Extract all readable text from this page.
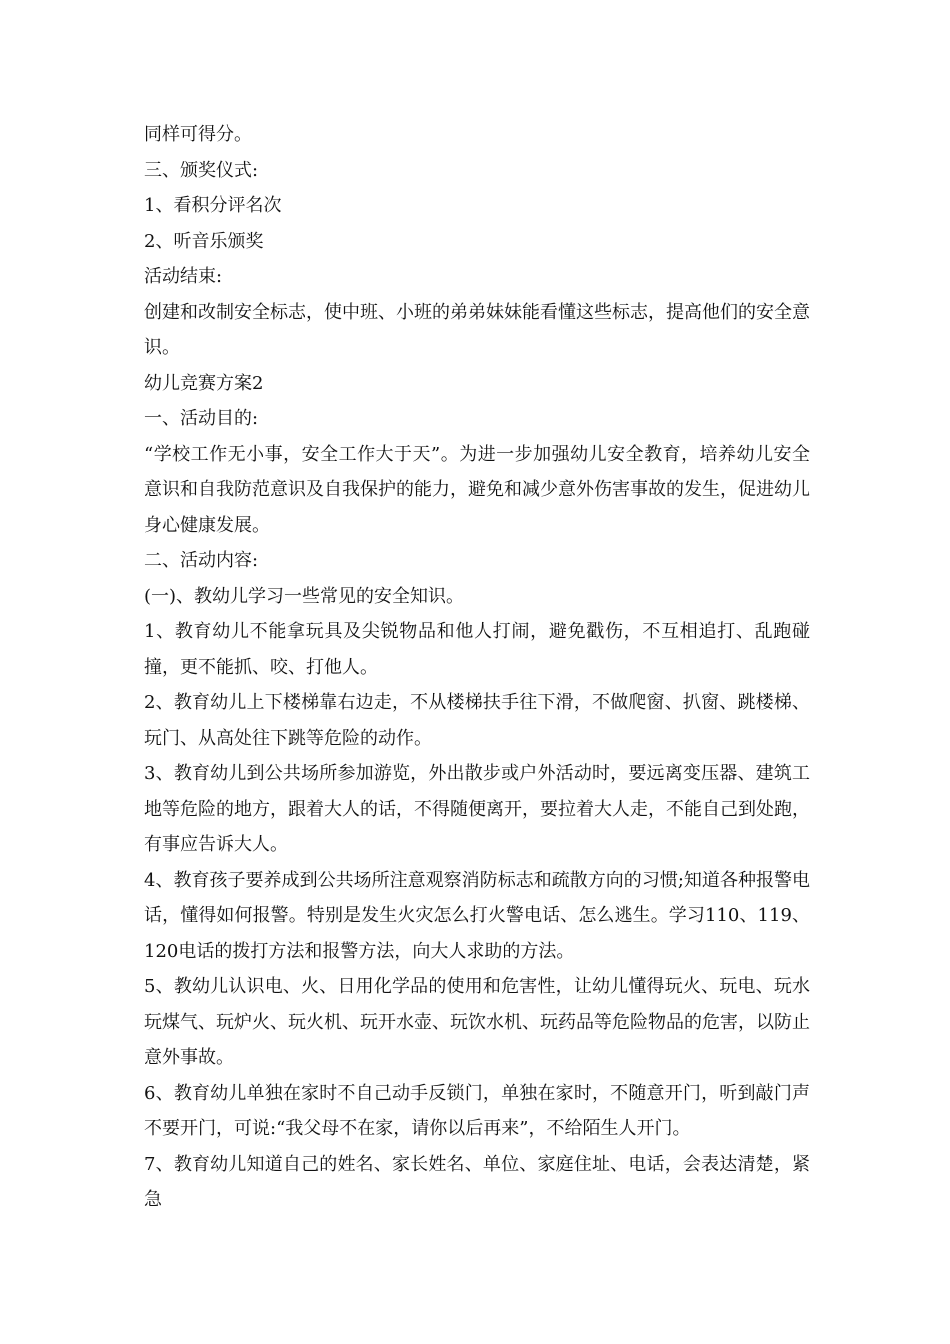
同样可得分。

三、颁奖仪式:

1、看积分评名次

2、听音乐颁奖

活动结束:

创建和改制安全标志，使中班、小班的弟弟妹妹能看懂这些标志，提高他们的安全意识。

幼儿竞赛方案2

一、活动目的:

“学校工作无小事，安全工作大于天”。为进一步加强幼儿安全教育，培养幼儿安全意识和自我防范意识及自我保护的能力，避免和减少意外伤害事故的发生，促进幼儿身心健康发展。

二、活动内容:

(一)、教幼儿学习一些常见的安全知识。

1、教育幼儿不能拿玩具及尖锐物品和他人打闹，避免戳伤，不互相追打、乱跑碰撞，更不能抓、咬、打他人。

2、教育幼儿上下楼梯靠右边走，不从楼梯扶手往下滑，不做爬窗、扒窗、跳楼梯、玩门、从高处往下跳等危险的动作。

3、教育幼儿到公共场所参加游览，外出散步或户外活动时，要远离变压器、建筑工地等危险的地方，跟着大人的话，不得随便离开，要拉着大人走，不能自己到处跑，有事应告诉大人。

4、教育孩子要养成到公共场所注意观察消防标志和疏散方向的习惯;知道各种报警电话，懂得如何报警。特别是发生火灾怎么打火警电话、怎么逃生。学习110、119、120电话的拨打方法和报警方法，向大人求助的方法。

5、教幼儿认识电、火、日用化学品的使用和危害性，让幼儿懂得玩火、玩电、玩水玩煤气、玩炉火、玩火机、玩开水壶、玩饮水机、玩药品等危险物品的危害，以防止意外事故。

6、教育幼儿单独在家时不自己动手反锁门，单独在家时，不随意开门，听到敲门声不要开门，可说:“我父母不在家，请你以后再来”，不给陌生人开门。

7、教育幼儿知道自己的姓名、家长姓名、单位、家庭住址、电话，会表达清楚，紧急
